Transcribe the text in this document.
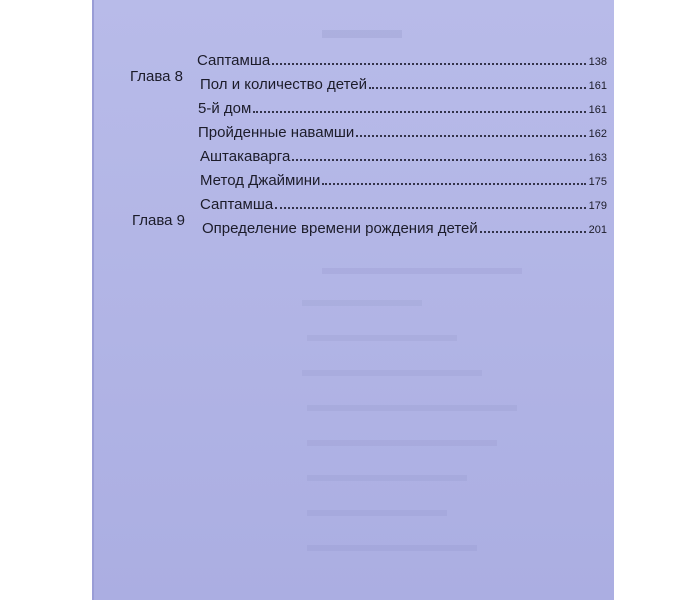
Саптамша	138
Глава 8 Пол и количество детей	161
5-й дом	161
Пройденные навамши	162
Аштакаварга	163
Метод Джаймини	175
Саптамша	179
Глава 9 Определение времени рождения детей	201
